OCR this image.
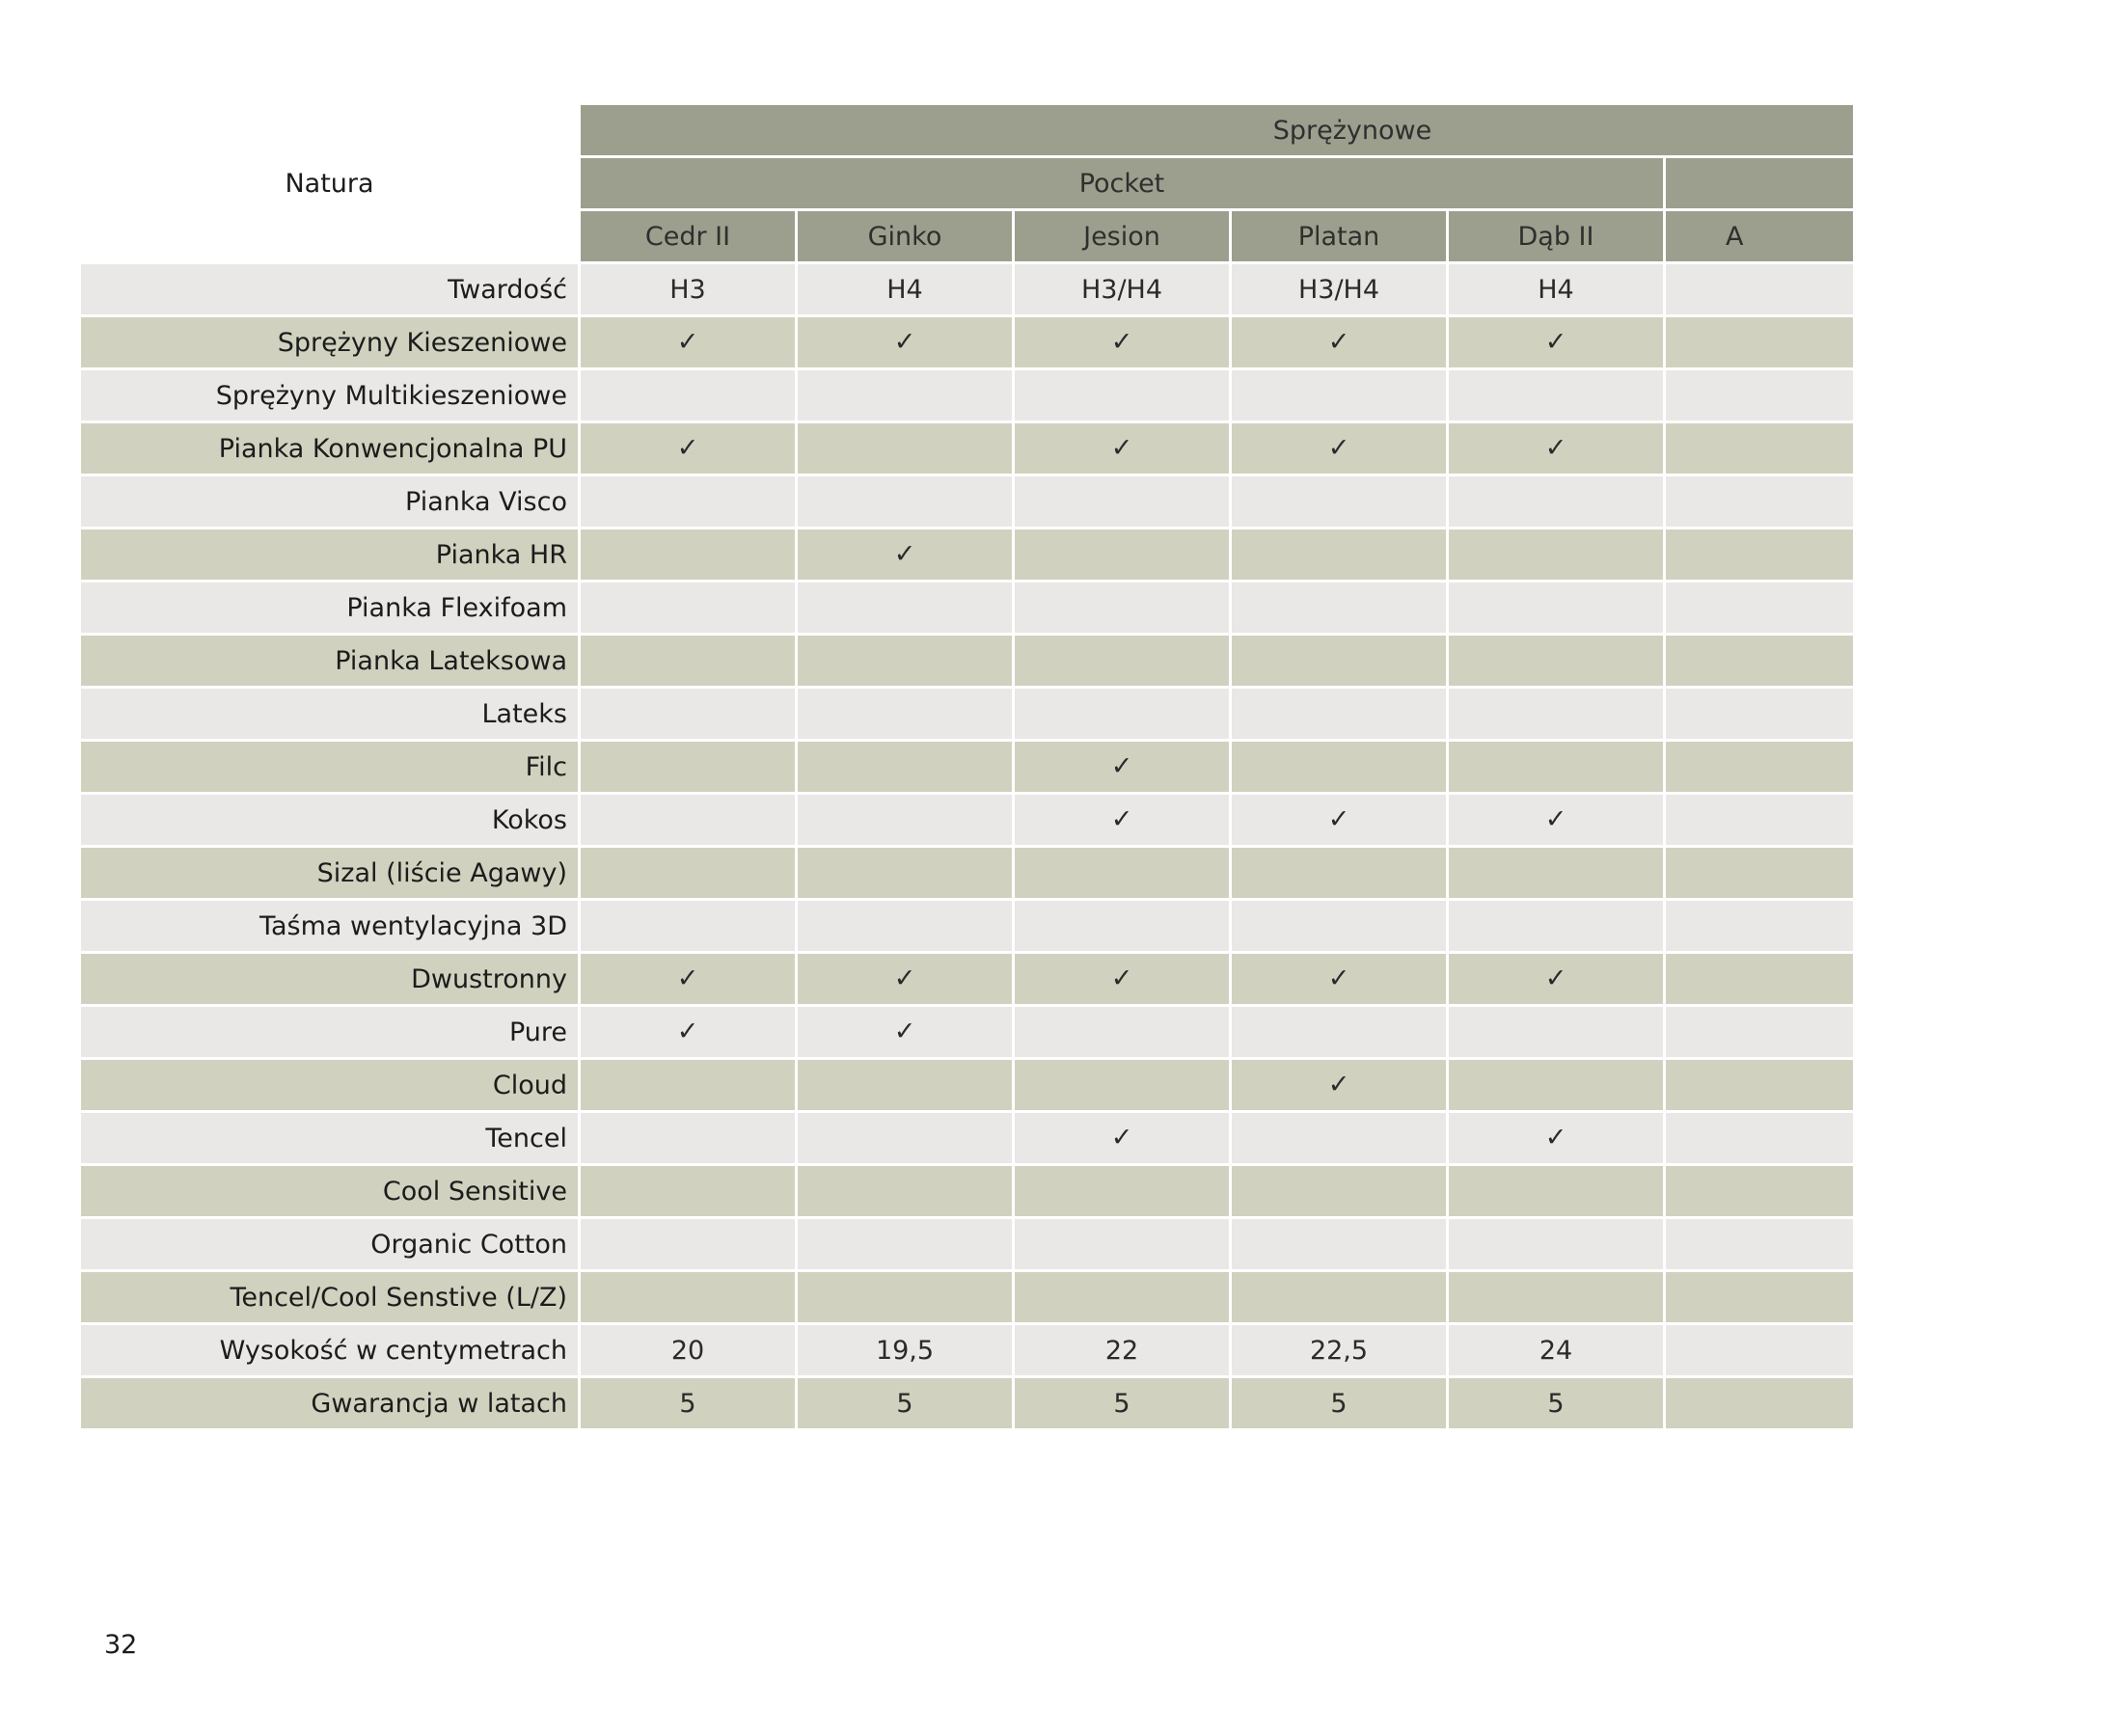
Natura	Sprężynowe					

	Pocket					
	Cedr II	Ginko	Jesion	Platan	Dąb II	A
Twardość	H3	H4	H3/H4	H3/H4	H4	
Sprężyny Kieszeniowe	✓	✓	✓	✓	✓	
Sprężyny Multikieszeniowe						
Pianka Konwencjonalna PU	✓		✓	✓	✓	
Pianka Visco						
Pianka HR		✓				
Pianka Flexifoam						
Pianka Lateksowa						
Lateks						
Filc			✓			
Kokos			✓	✓	✓	
Sizal (liście Agawy)						
Taśma wentylacyjna 3D						
Dwustronny	✓	✓	✓	✓	✓	
Pure	✓	✓				
Cloud				✓		
Tencel			✓		✓	
Cool Sensitive						
Organic Cotton						
Tencel/Cool Senstive (L/Z)						
Wysokość w centymetrach	20	19,5	22	22,5	24	
Gwarancja w latach	5	5	5	5	5	
32
